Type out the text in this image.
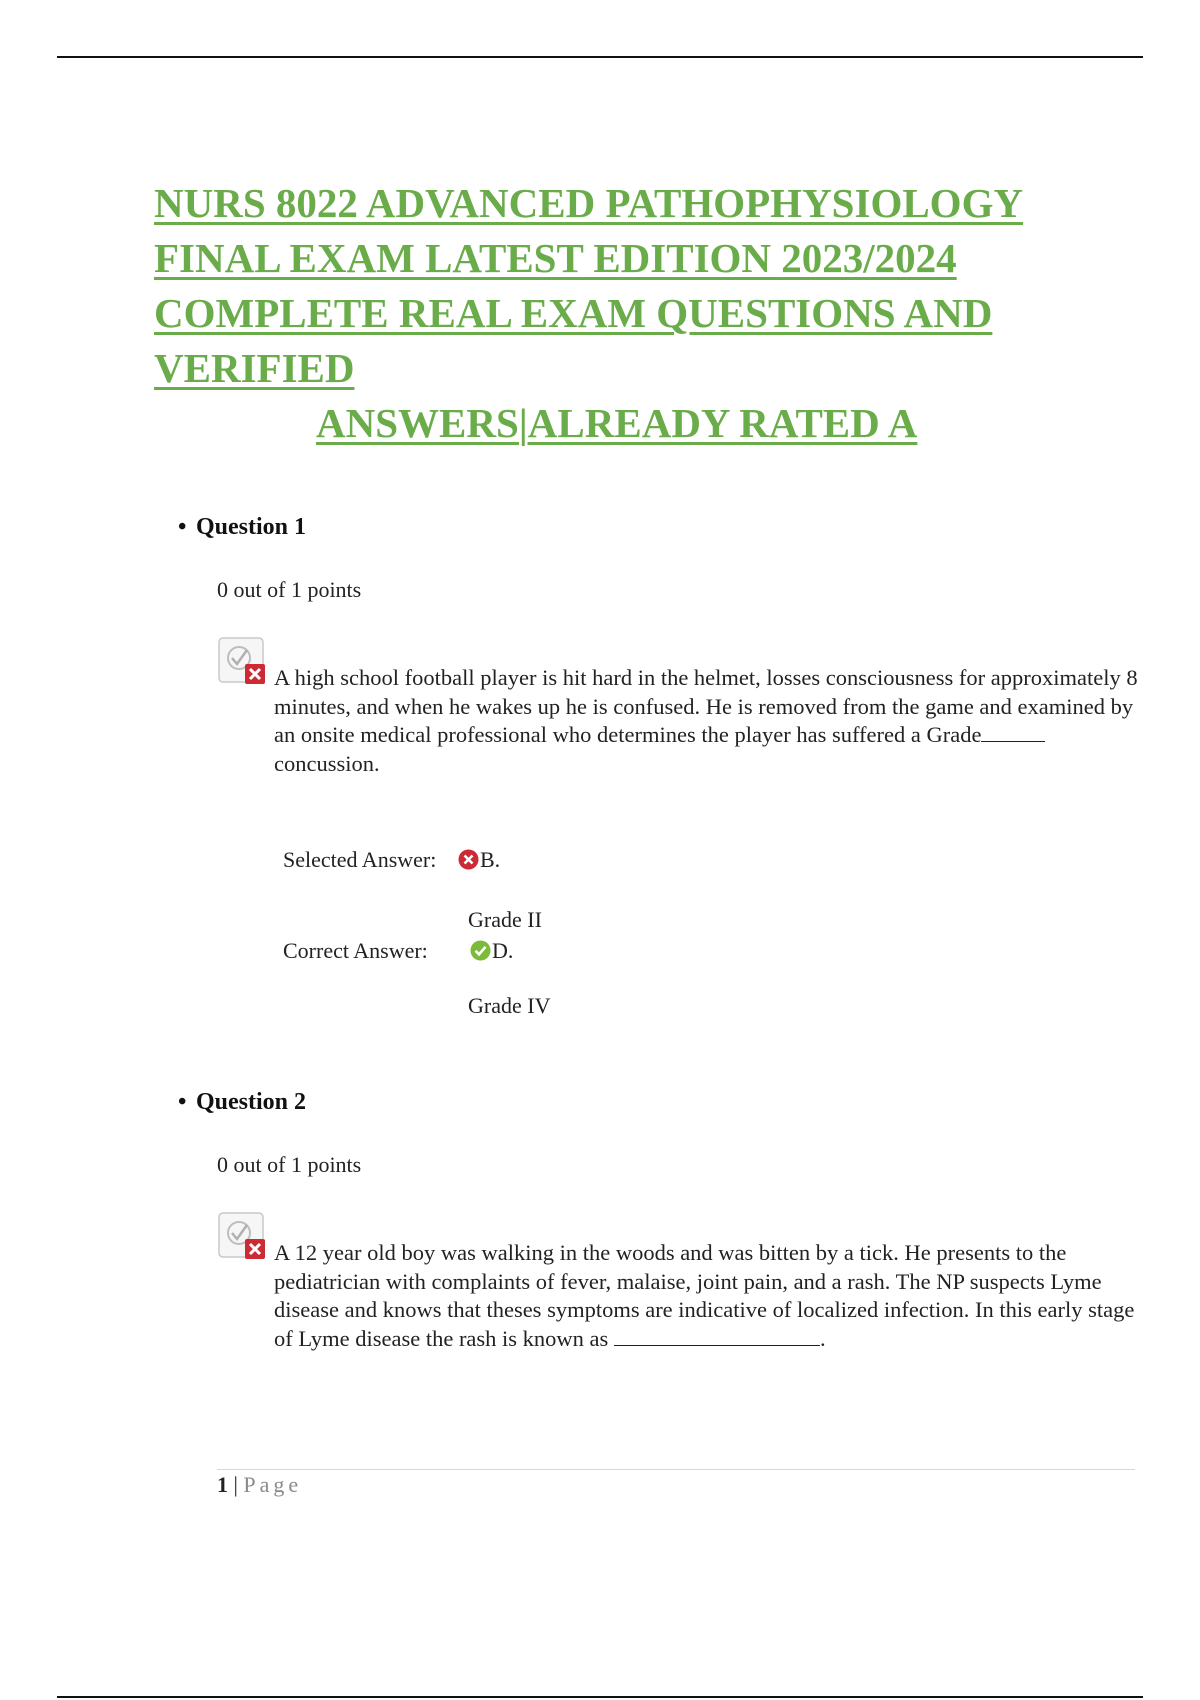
NURS 8022 ADVANCED PATHOPHYSIOLOGY
FINAL EXAM LATEST EDITION 2023/2024
COMPLETE REAL EXAM QUESTIONS AND
VERIFIED
ANSWERS|ALREADY RATED A
• Question 1
0 out of 1 points
A high school football player is hit hard in the helmet, losses consciousness for approximately 8 minutes, and when he wakes up he is confused. He is removed from the game and examined by an onsite medical professional who determines the player has suffered a Gradeconcussion.
Selected Answer:	B.
Grade II
Correct Answer:	D.
Grade IV
• Question 2
0 out of 1 points
A 12 year old boy was walking in the woods and was bitten by a tick. He presents to the pediatrician with complaints of fever, malaise, joint pain, and a rash. The NP suspects Lyme disease and knows that theses symptoms are indicative of localized infection. In this early stage of Lyme disease the rash is known as	.
1 | Page
